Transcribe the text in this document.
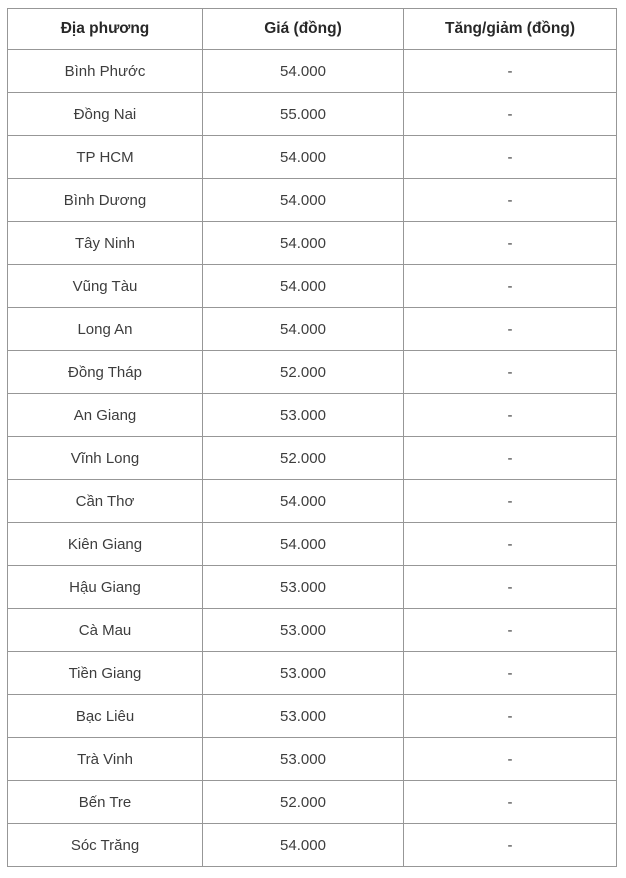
Địa phương	Giá (đồng)	Tăng/giảm (đồng)
Bình Phước	54.000	-
Đồng Nai	55.000	-
TP HCM	54.000	-
Bình Dương	54.000	-
Tây Ninh	54.000	-
Vũng Tàu	54.000	-
Long An	54.000	-
Đồng Tháp	52.000	-
An Giang	53.000	-
Vĩnh Long	52.000	-
Cần Thơ	54.000	-
Kiên Giang	54.000	-
Hậu Giang	53.000	-
Cà Mau	53.000	-
Tiền Giang	53.000	-
Bạc Liêu	53.000	-
Trà Vinh	53.000	-
Bến Tre	52.000	-
Sóc Trăng	54.000	-
